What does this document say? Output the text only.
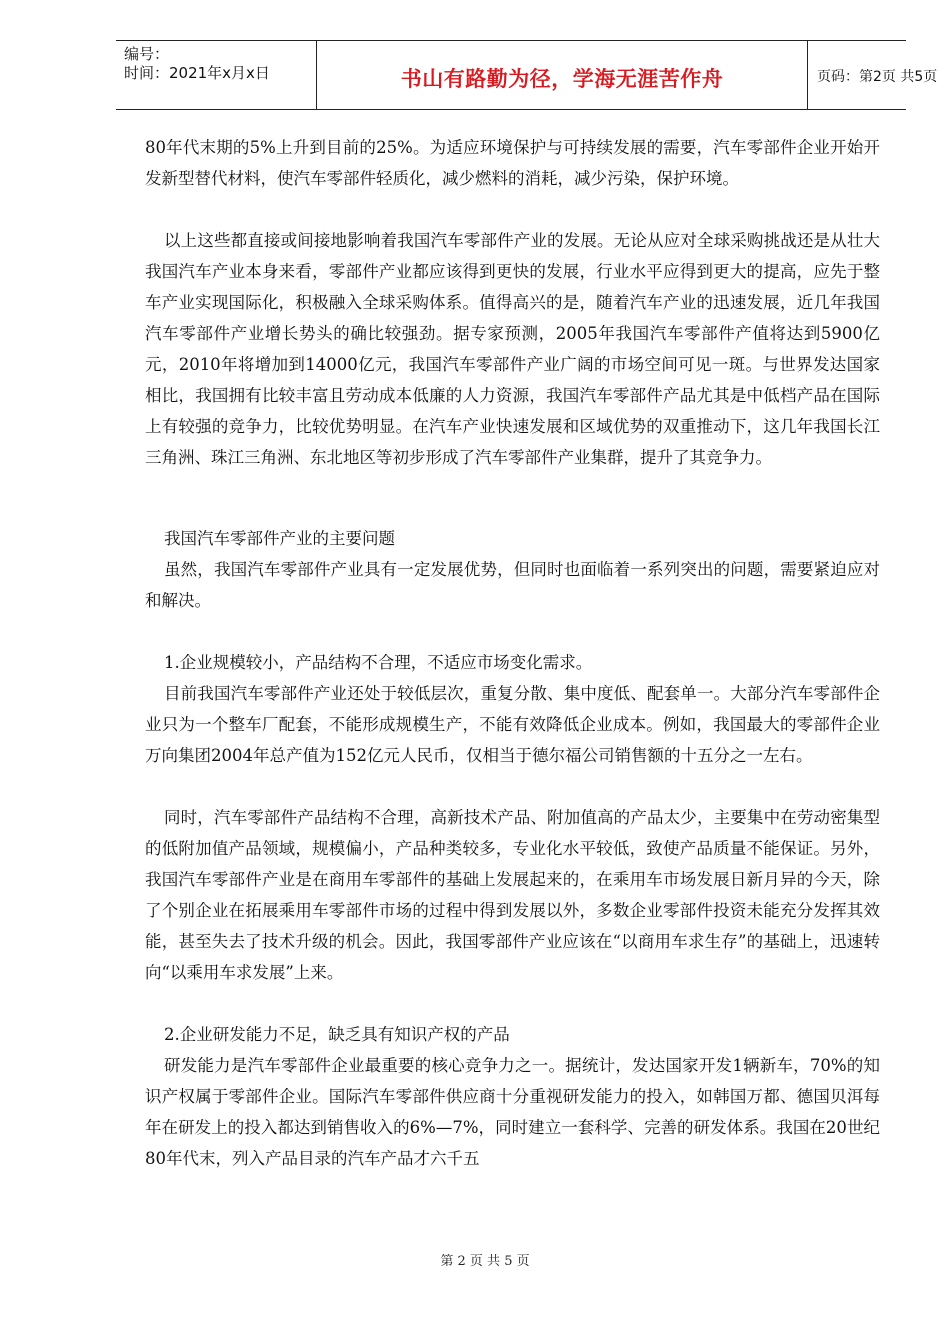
编号：
时间：2021年x月x日	书山有路勤为径，学海无涯苦作舟	页码：第2页 共5页

80年代末期的5%上升到目前的25%。为适应环境保护与可持续发展的需要，汽车零部件企业开始开发新型替代材料，使汽车零部件轻质化，减少燃料的消耗，减少污染，保护环境。

以上这些都直接或间接地影响着我国汽车零部件产业的发展。无论从应对全球采购挑战还是从壮大我国汽车产业本身来看，零部件产业都应该得到更快的发展，行业水平应得到更大的提高，应先于整车产业实现国际化，积极融入全球采购体系。值得高兴的是，随着汽车产业的迅速发展，近几年我国汽车零部件产业增长势头的确比较强劲。据专家预测，2005年我国汽车零部件产值将达到5900亿元，2010年将增加到14000亿元，我国汽车零部件产业广阔的市场空间可见一斑。与世界发达国家相比，我国拥有比较丰富且劳动成本低廉的人力资源，我国汽车零部件产品尤其是中低档产品在国际上有较强的竞争力，比较优势明显。在汽车产业快速发展和区域优势的双重推动下，这几年我国长江三角洲、珠江三角洲、东北地区等初步形成了汽车零部件产业集群，提升了其竞争力。

我国汽车零部件产业的主要问题

虽然，我国汽车零部件产业具有一定发展优势，但同时也面临着一系列突出的问题，需要紧迫应对和解决。

1.企业规模较小，产品结构不合理，不适应市场变化需求。

目前我国汽车零部件产业还处于较低层次，重复分散、集中度低、配套单一。大部分汽车零部件企业只为一个整车厂配套，不能形成规模生产，不能有效降低企业成本。例如，我国最大的零部件企业万向集团2004年总产值为152亿元人民币，仅相当于德尔福公司销售额的十五分之一左右。

同时，汽车零部件产品结构不合理，高新技术产品、附加值高的产品太少，主要集中在劳动密集型的低附加值产品领域，规模偏小，产品种类较多，专业化水平较低，致使产品质量不能保证。另外，我国汽车零部件产业是在商用车零部件的基础上发展起来的，在乘用车市场发展日新月异的今天，除了个别企业在拓展乘用车零部件市场的过程中得到发展以外，多数企业零部件投资未能充分发挥其效能，甚至失去了技术升级的机会。因此，我国零部件产业应该在“以商用车求生存”的基础上，迅速转向“以乘用车求发展”上来。

2.企业研发能力不足，缺乏具有知识产权的产品

研发能力是汽车零部件企业最重要的核心竞争力之一。据统计，发达国家开发1辆新车，70%的知识产权属于零部件企业。国际汽车零部件供应商十分重视研发能力的投入，如韩国万都、德国贝洱每年在研发上的投入都达到销售收入的6%—7%，同时建立一套科学、完善的研发体系。我国在20世纪80年代末，列入产品目录的汽车产品才六千五

第 2 页 共 5 页
